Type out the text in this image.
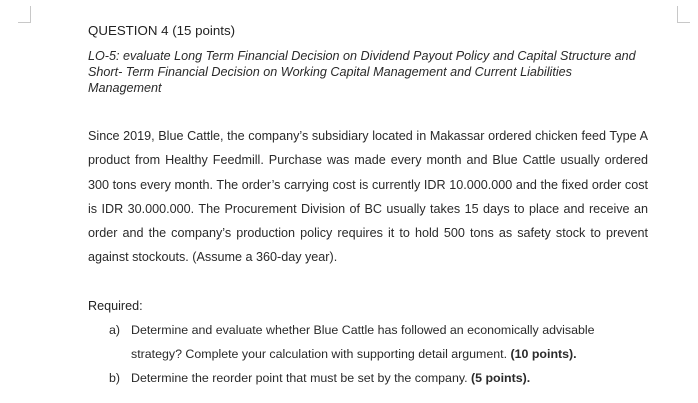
QUESTION 4 (15 points)

LO-5: evaluate Long Term Financial Decision on Dividend Payout Policy and Capital Structure and Short- Term Financial Decision on Working Capital Management and Current Liabilities Management

Since 2019, Blue Cattle, the company’s subsidiary located in Makassar ordered chicken feed Type A product from Healthy Feedmill. Purchase was made every month and Blue Cattle usually ordered 300 tons every month. The order’s carrying cost is currently IDR 10.000.000 and the fixed order cost is IDR 30.000.000. The Procurement Division of BC usually takes 15 days to place and receive an order and the company’s production policy requires it to hold 500 tons as safety stock to prevent against stockouts. (Assume a 360-day year).

Required:

a) Determine and evaluate whether Blue Cattle has followed an economically advisable strategy? Complete your calculation with supporting detail argument. (10 points).
b) Determine the reorder point that must be set by the company. (5 points).
